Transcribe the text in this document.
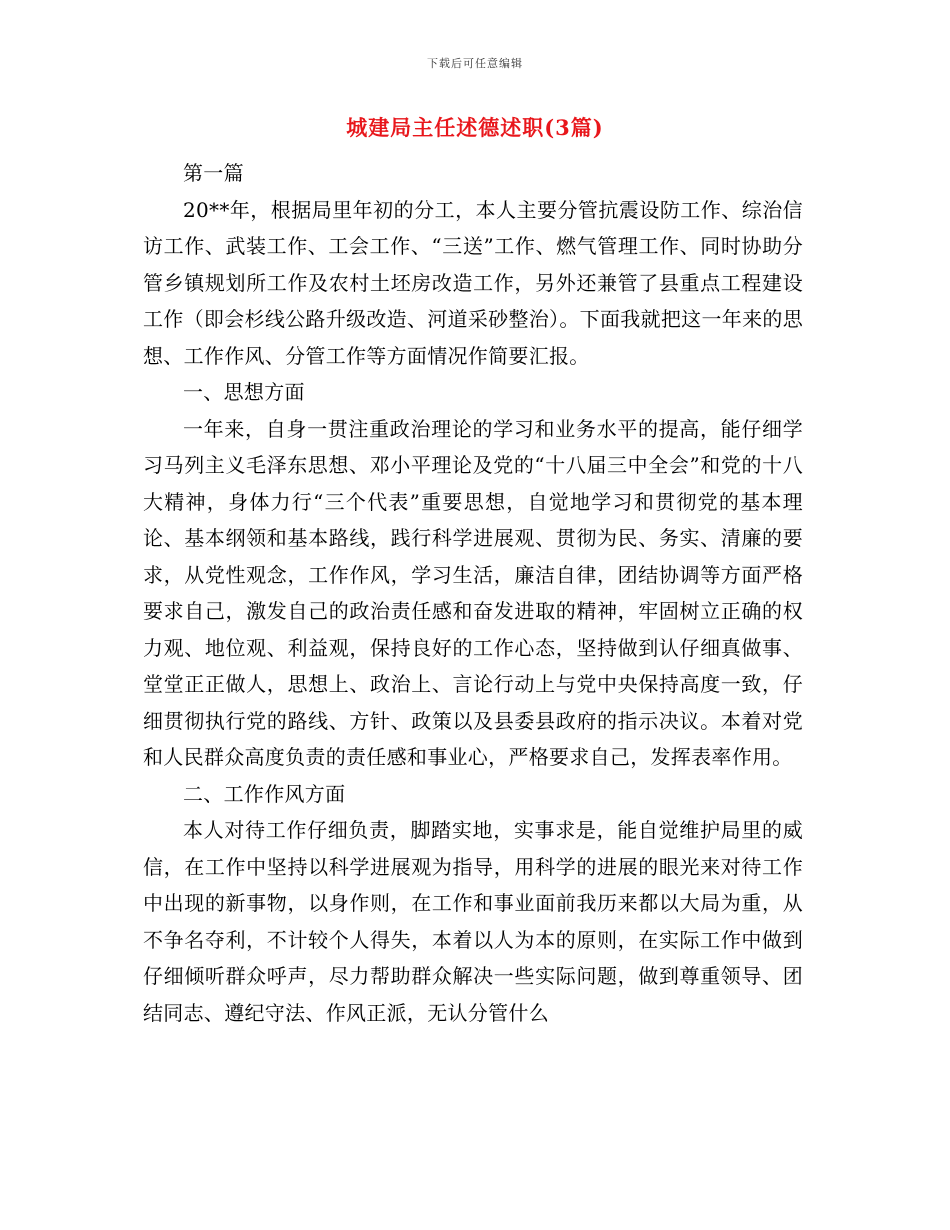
下载后可任意编辑
城建局主任述德述职(3篇)

第一篇

20**年，根据局里年初的分工，本人主要分管抗震设防工作、综治信访工作、武装工作、工会工作、“三送”工作、燃气管理工作、同时协助分管乡镇规划所工作及农村土坯房改造工作，另外还兼管了县重点工程建设工作（即会杉线公路升级改造、河道采砂整治）。下面我就把这一年来的思想、工作作风、分管工作等方面情况作简要汇报。

一、思想方面

一年来，自身一贯注重政治理论的学习和业务水平的提高，能仔细学习马列主义毛泽东思想、邓小平理论及党的“十八届三中全会”和党的十八大精神，身体力行“三个代表”重要思想，自觉地学习和贯彻党的基本理论、基本纲领和基本路线，践行科学进展观、贯彻为民、务实、清廉的要求，从党性观念，工作作风，学习生活，廉洁自律，团结协调等方面严格要求自己，激发自己的政治责任感和奋发进取的精神，牢固树立正确的权力观、地位观、利益观，保持良好的工作心态，坚持做到认仔细真做事、堂堂正正做人，思想上、政治上、言论行动上与党中央保持高度一致，仔细贯彻执行党的路线、方针、政策以及县委县政府的指示决议。本着对党和人民群众高度负责的责任感和事业心，严格要求自己，发挥表率作用。

二、工作作风方面

本人对待工作仔细负责，脚踏实地，实事求是，能自觉维护局里的威信，在工作中坚持以科学进展观为指导，用科学的进展的眼光来对待工作中出现的新事物，以身作则，在工作和事业面前我历来都以大局为重，从不争名夺利，不计较个人得失，本着以人为本的原则，在实际工作中做到仔细倾听群众呼声，尽力帮助群众解决一些实际问题，做到尊重领导、团结同志、遵纪守法、作风正派，无认分管什么
